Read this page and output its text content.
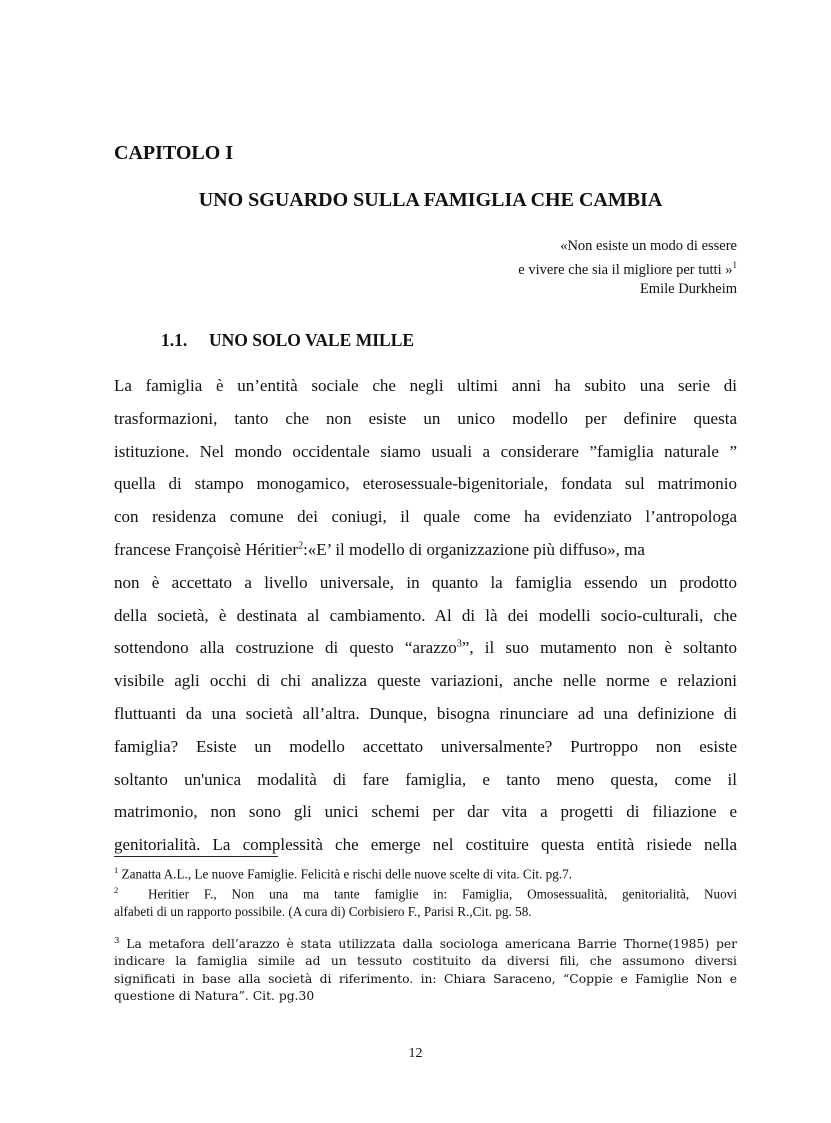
CAPITOLO I
UNO SGUARDO SULLA FAMIGLIA CHE CAMBIA
«Non esiste un modo di essere
e vivere che sia il migliore per tutti »$^1$
Emile Durkheim
1.1. UNO SOLO VALE MILLE
La famiglia è un’entità sociale che negli ultimi anni ha subito una serie di
trasformazioni, tanto che non esiste un unico modello per definire questa
istituzione. Nel mondo occidentale siamo usuali a considerare ”famiglia naturale ”
quella di stampo monogamico, eterosessuale-bigenitoriale, fondata sul matrimonio
con residenza comune dei coniugi, il quale come ha evidenziato l’antropologa
francese Françoisè Héritier$^2$:«E’ il modello di organizzazione più diffuso», ma
non è accettato a livello universale, in quanto la famiglia essendo un prodotto
della società, è destinata al cambiamento. Al di là dei modelli socio-culturali, che
sottendono alla costruzione di questo “arazzo$^3$”, il suo mutamento non è soltanto
visibile agli occhi di chi analizza queste variazioni, anche nelle norme e relazioni
fluttuanti da una società all’altra. Dunque, bisogna rinunciare ad una definizione di
famiglia? Esiste un modello accettato universalmente? Purtroppo non esiste
soltanto un'unica modalità di fare famiglia, e tanto meno questa, come il
matrimonio, non sono gli unici schemi per dar vita a progetti di filiazione e
genitorialità. La complessità che emerge nel costituire questa entità risiede nella
$^1$ Zanatta A.L., Le nuove Famiglie. Felicità e rischi delle nuove scelte di vita. Cit. pg.7.
$^2$ Heritier F., Non una ma tante famiglie in: Famiglia, Omosessualità, genitorialità, Nuovi
alfabeti di un rapporto possibile. (A cura di) Corbisiero F., Parisi R.,Cit. pg. 58.
$^3$ La metafora dell’arazzo è stata utilizzata dalla sociologa americana Barrie Thorne(1985) per
indicare la famiglia simile ad un tessuto costituito da diversi fili, che assumono diversi
significati in base alla società di riferimento. in: Chiara Saraceno, “Coppie e Famiglie Non e
questione di Natura”. Cit. pg.30
12
